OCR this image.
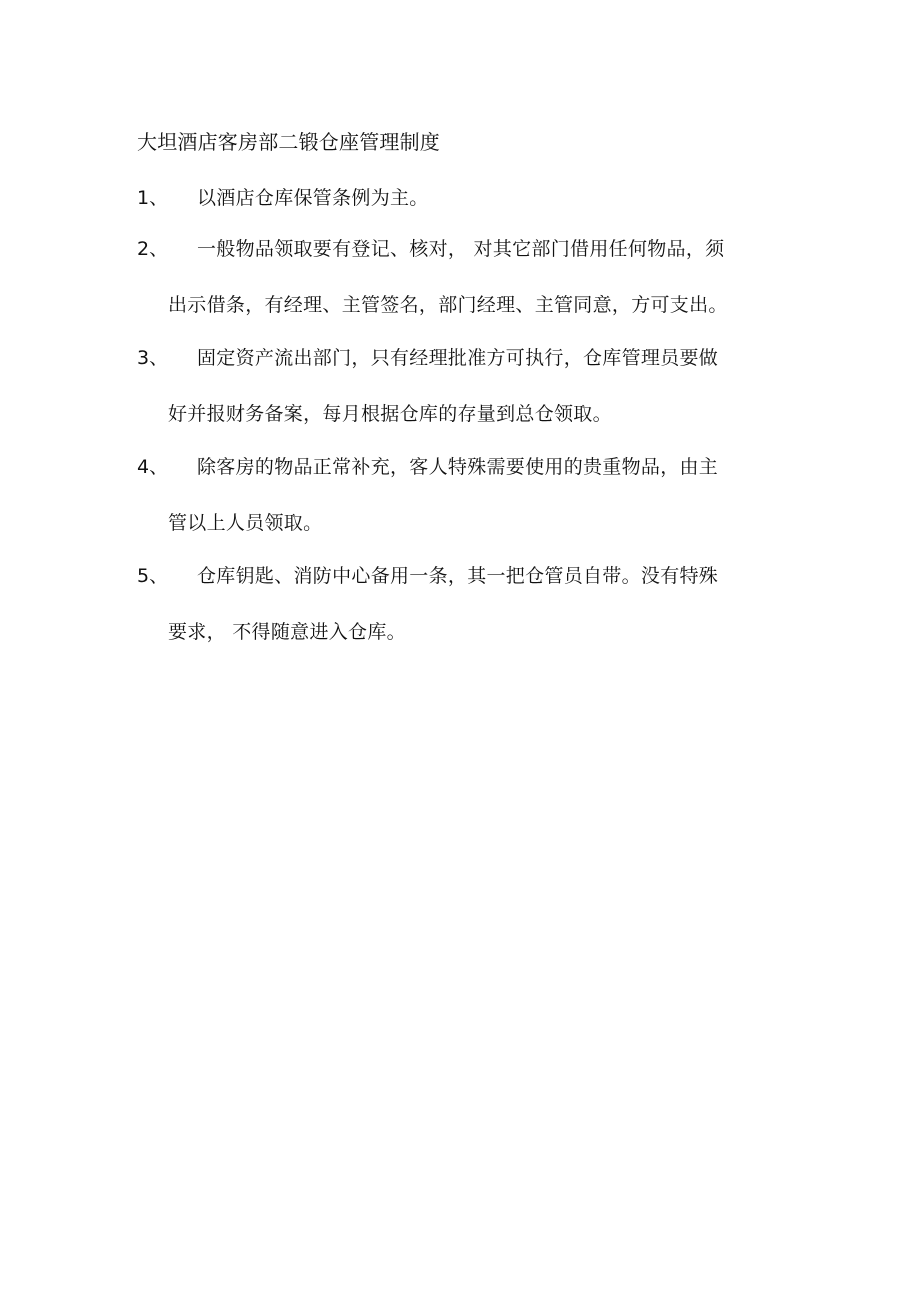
大坦酒店客房部二锻仓座管理制度
1、 以酒店仓库保管条例为主。
2、 一般物品领取要有登记、核对， 对其它部门借用任何物品，须
出示借条，有经理、主管签名，部门经理、主管同意，方可支出。
3、 固定资产流出部门，只有经理批准方可执行，仓库管理员要做
好并报财务备案，每月根据仓库的存量到总仓领取。
4、 除客房的物品正常补充，客人特殊需要使用的贵重物品，由主
管以上人员领取。
5、 仓库钥匙、消防中心备用一条，其一把仓管员自带。没有特殊
要求， 不得随意进入仓库。
